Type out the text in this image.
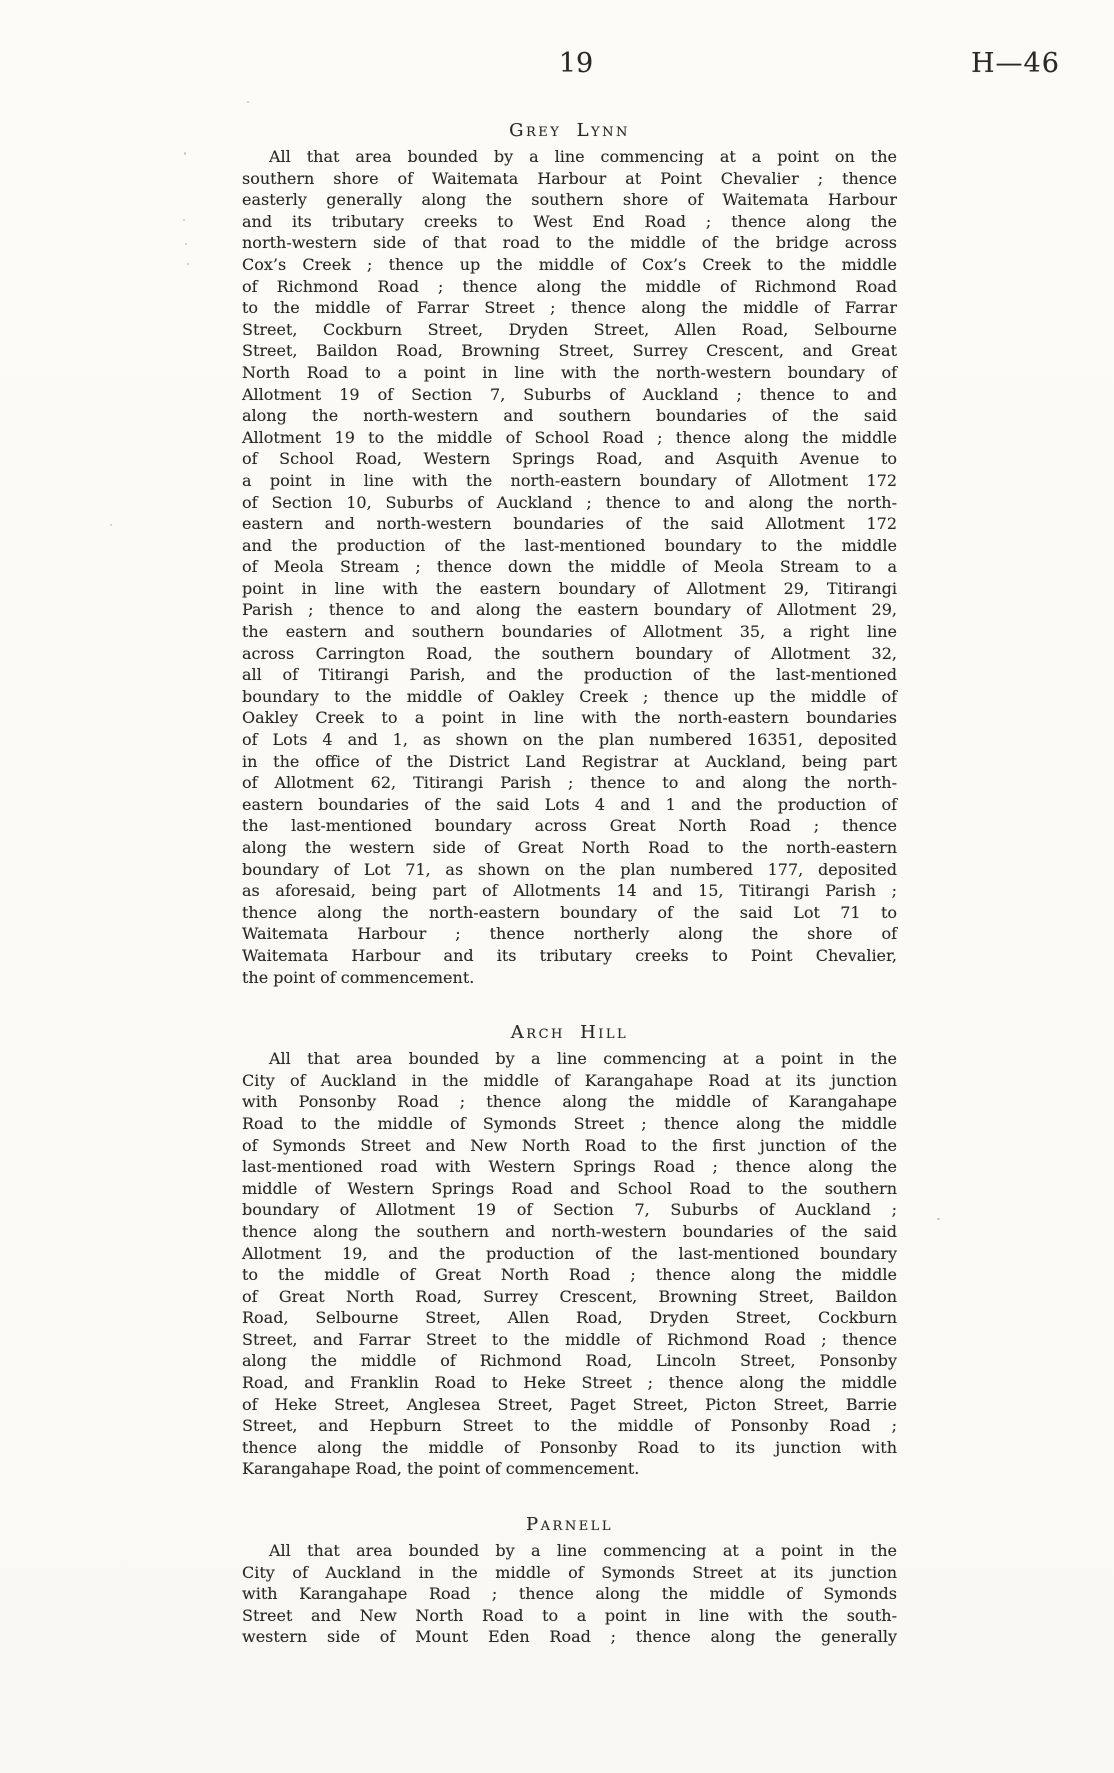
19	H—46
Grey Lynn
All that area bounded by a line commencing at a point on the
southern shore of Waitemata Harbour at Point Chevalier ; thence
easterly generally along the southern shore of Waitemata Harbour
and its tributary creeks to West End Road ; thence along the
north-western side of that road to the middle of the bridge across
Cox’s Creek ; thence up the middle of Cox’s Creek to the middle
of Richmond Road ; thence along the middle of Richmond Road
to the middle of Farrar Street ; thence along the middle of Farrar
Street, Cockburn Street, Dryden Street, Allen Road, Selbourne
Street, Baildon Road, Browning Street, Surrey Crescent, and Great
North Road to a point in line with the north-western boundary of
Allotment 19 of Section 7, Suburbs of Auckland ; thence to and
along the north-western and southern boundaries of the said
Allotment 19 to the middle of School Road ; thence along the middle
of School Road, Western Springs Road, and Asquith Avenue to
a point in line with the north-eastern boundary of Allotment 172
of Section 10, Suburbs of Auckland ; thence to and along the north-
eastern and north-western boundaries of the said Allotment 172
and the production of the last-mentioned boundary to the middle
of Meola Stream ; thence down the middle of Meola Stream to a
point in line with the eastern boundary of Allotment 29, Titirangi
Parish ; thence to and along the eastern boundary of Allotment 29,
the eastern and southern boundaries of Allotment 35, a right line
across Carrington Road, the southern boundary of Allotment 32,
all of Titirangi Parish, and the production of the last-mentioned
boundary to the middle of Oakley Creek ; thence up the middle of
Oakley Creek to a point in line with the north-eastern boundaries
of Lots 4 and 1, as shown on the plan numbered 16351, deposited
in the office of the District Land Registrar at Auckland, being part
of Allotment 62, Titirangi Parish ; thence to and along the north-
eastern boundaries of the said Lots 4 and 1 and the production of
the last-mentioned boundary across Great North Road ; thence
along the western side of Great North Road to the north-eastern
boundary of Lot 71, as shown on the plan numbered 177, deposited
as aforesaid, being part of Allotments 14 and 15, Titirangi Parish ;
thence along the north-eastern boundary of the said Lot 71 to
Waitemata Harbour ; thence northerly along the shore of
Waitemata Harbour and its tributary creeks to Point Chevalier,
the point of commencement.
Arch Hill
All that area bounded by a line commencing at a point in the
City of Auckland in the middle of Karangahape Road at its junction
with Ponsonby Road ; thence along the middle of Karangahape
Road to the middle of Symonds Street ; thence along the middle
of Symonds Street and New North Road to the first junction of the
last-mentioned road with Western Springs Road ; thence along the
middle of Western Springs Road and School Road to the southern
boundary of Allotment 19 of Section 7, Suburbs of Auckland ;
thence along the southern and north-western boundaries of the said
Allotment 19, and the production of the last-mentioned boundary
to the middle of Great North Road ; thence along the middle
of Great North Road, Surrey Crescent, Browning Street, Baildon
Road, Selbourne Street, Allen Road, Dryden Street, Cockburn
Street, and Farrar Street to the middle of Richmond Road ; thence
along the middle of Richmond Road, Lincoln Street, Ponsonby
Road, and Franklin Road to Heke Street ; thence along the middle
of Heke Street, Anglesea Street, Paget Street, Picton Street, Barrie
Street, and Hepburn Street to the middle of Ponsonby Road ;
thence along the middle of Ponsonby Road to its junction with
Karangahape Road, the point of commencement.
Parnell
All that area bounded by a line commencing at a point in the
City of Auckland in the middle of Symonds Street at its junction
with Karangahape Road ; thence along the middle of Symonds
Street and New North Road to a point in line with the south-
western side of Mount Eden Road ; thence along the generally
